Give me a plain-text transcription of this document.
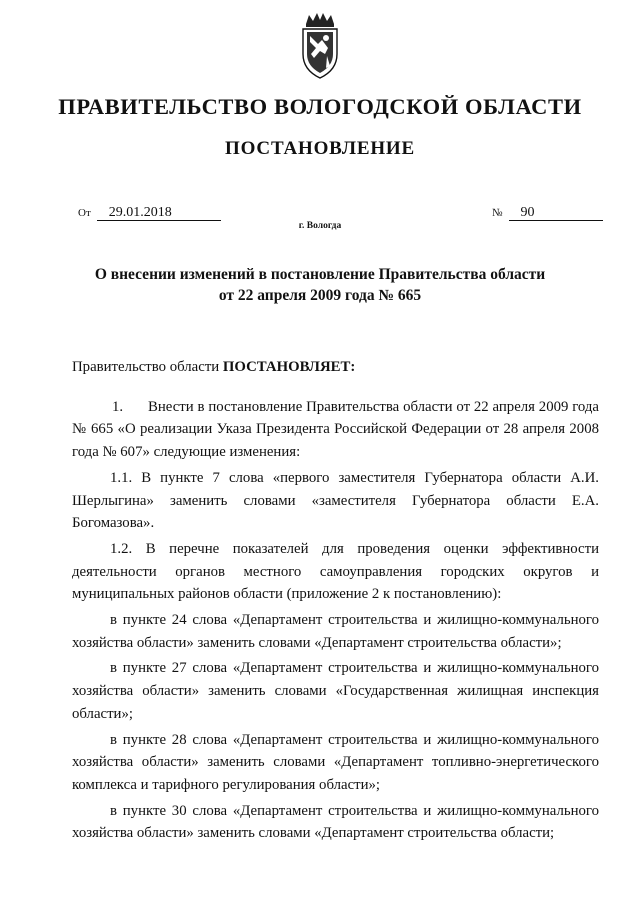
ПРАВИТЕЛЬСТВО ВОЛОГОДСКОЙ ОБЛАСТИ
ПОСТАНОВЛЕНИЕ
От 29.01.2018	№ 90
г. Вологда
О внесении изменений в постановление Правительства области
от 22 апреля 2009 года № 665

Правительство области ПОСТАНОВЛЯЕТ:

1. Внести в постановление Правительства области от 22 апреля 2009 года № 665 «О реализации Указа Президента Российской Федерации от 28 апреля 2008 года № 607» следующие изменения:

1.1. В пункте 7 слова «первого заместителя Губернатора области А.И. Шерлыгина» заменить словами «заместителя Губернатора области Е.А. Богомазова».

1.2. В перечне показателей для проведения оценки эффективности деятельности органов местного самоуправления городских округов и муниципальных районов области (приложение 2 к постановлению):

в пункте 24 слова «Департамент строительства и жилищно-коммунального хозяйства области» заменить словами «Департамент строительства области»;

в пункте 27 слова «Департамент строительства и жилищно-коммунального хозяйства области» заменить словами «Государственная жилищная инспекция области»;

в пункте 28 слова «Департамент строительства и жилищно-коммунального хозяйства области» заменить словами «Департамент топливно-энергетического комплекса и тарифного регулирования области»;

в пункте 30 слова «Департамент строительства и жилищно-коммунального хозяйства области» заменить словами «Департамент строительства области;
